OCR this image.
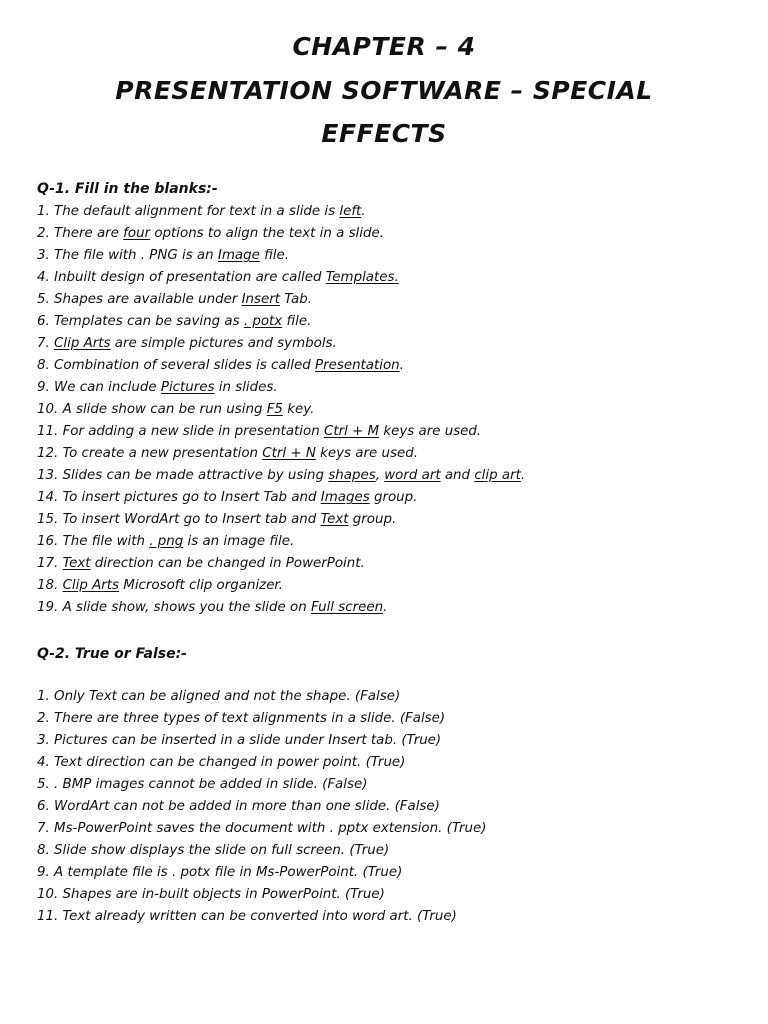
CHAPTER – 4
PRESENTATION SOFTWARE – SPECIAL
EFFECTS
Q-1. Fill in the blanks:-
1. The default alignment for text in a slide is left.
2. There are four options to align the text in a slide.
3. The file with . PNG is an Image file.
4. Inbuilt design of presentation are called Templates.
5. Shapes are available under Insert Tab.
6. Templates can be saving as . potx file.
7. Clip Arts are simple pictures and symbols.
8. Combination of several slides is called Presentation.
9. We can include Pictures in slides.
10. A slide show can be run using F5 key.
11. For adding a new slide in presentation Ctrl + M keys are used.
12. To create a new presentation Ctrl + N keys are used.
13. Slides can be made attractive by using shapes, word art and clip art.
14. To insert pictures go to Insert Tab and Images group.
15. To insert WordArt go to Insert tab and Text group.
16. The file with . png is an image file.
17. Text direction can be changed in PowerPoint.
18. Clip Arts Microsoft clip organizer.
19. A slide show, shows you the slide on Full screen.
Q-2. True or False:-
1. Only Text can be aligned and not the shape. (False)
2. There are three types of text alignments in a slide. (False)
3. Pictures can be inserted in a slide under Insert tab. (True)
4. Text direction can be changed in power point. (True)
5. . BMP images cannot be added in slide. (False)
6. WordArt can not be added in more than one slide. (False)
7. Ms-PowerPoint saves the document with . pptx extension. (True)
8. Slide show displays the slide on full screen. (True)
9. A template file is . potx file in Ms-PowerPoint. (True)
10. Shapes are in-built objects in PowerPoint. (True)
11. Text already written can be converted into word art. (True)
